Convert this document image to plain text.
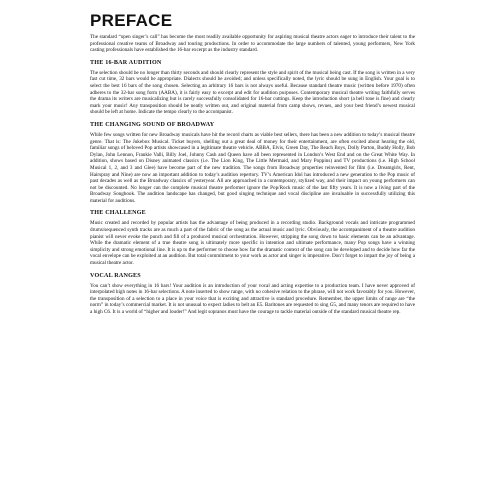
PREFACE

The standard “open singer’s call” has become the most readily available opportunity for aspiring musical theatre actors eager to introduce their talent to the professional creative teams of Broadway and touring productions. In order to accommodate the large numbers of talented, young performers, New York casting professionals have established the 16-bar excerpt as the industry standard.

THE 16-BAR AUDITION

The selection should be no longer than thirty seconds and should clearly represent the style and spirit of the musical being cast. If the song is written in a very fast cut time, 32 bars would be appropriate. Dialects should be avoided; and unless specifically noted, the lyric should be sung in English. Your goal is to select the best 16 bars of the song chosen. Selecting an arbitrary 16 bars is not always useful. Because standard theatre music (written before 1970) often adheres to the 32-bar song form (AABA), it is fairly easy to excerpt and edit for audition purposes. Contemporary musical theatre writing faithfully serves the drama its writers are musicalizing but is rarely successfully consolidated for 16-bar cuttings. Keep the introduction short (a bell tone is fine) and clearly mark your music! Any transposition should be neatly written out, and original material from camp shows, revues, and your best friend’s newest musical should be left at home. Indicate the tempo clearly to the accompanist.

THE CHANGING SOUND OF BROADWAY

While few songs written for new Broadway musicals have hit the record charts as viable best sellers, there has been a new addition to today’s musical theatre genre. That is: The Jukebox Musical. Ticket buyers, shelling out a great deal of money for their entertainment, are often excited about hearing the old, familiar songs of beloved Pop artists showcased in a legitimate theatre vehicle. ABBA, Elvis, Green Day, The Beach Boys, Dolly Parton, Buddy Holly, Bob Dylan, John Lennon, Frankie Valli, Billy Joel, Johnny Cash and Queen have all been represented in London’s West End and on the Great White Way. In addition, shows based on Disney animated classics (i.e. The Lion King, The Little Mermaid, and Mary Poppins) and TV productions (i.e. High School Musical 1, 2, and 3 and Glee) have become part of the new tradition. The songs from Broadway properties reinvented for film (i.e. Dreamgirls, Rent, Hairspray and Nine) are now an important addition to today’s audition repertory. TV’s American Idol has introduced a new generation to the Pop music of past decades as well as the Broadway classics of yesteryear. All are approached in a contemporary, stylized way, and their impact on young performers can not be discounted. No longer can the complete musical theatre performer ignore the Pop/Rock music of the last fifty years. It is now a living part of the Broadway Songbook. The audition landscape has changed, but good singing technique and vocal discipline are invaluable in successfully utilizing this material for auditions.

THE CHALLENGE

Music created and recorded by popular artists has the advantage of being produced in a recording studio. Background vocals and intricate programmed drums/sequenced synth tracks are as much a part of the fabric of the song as the actual music and lyric. Obviously, the accompaniment of a theatre audition pianist will never evoke the punch and fill of a produced musical orchestration. However, stripping the song down to basic elements can be an advantage. While the dramatic element of a true theatre song is ultimately more specific in intention and ultimate performance, many Pop songs have a winning simplicity and strong emotional line. It is up to the performer to choose how far the dramatic context of the song can be developed and to decide how far the vocal envelope can be exploited at an audition. But total commitment to your work as actor and singer is imperative. Don’t forget to impart the joy of being a musical theatre actor.

VOCAL RANGES

You can’t show everything in 16 bars! Your audition is an introduction of your vocal and acting expertise to a production team. I have never approved of interpolated high notes in 16-bar selections. A note inserted to show range, with no cohesive relation to the phrase, will not work favorably for you. However, the transposition of a selection to a place in your voice that is exciting and attractive is standard procedure. Remember, the upper limits of range are “the norm” in today’s commercial market. It is not unusual to expect ladies to belt an E5. Baritones are requested to sing G5, and many tenors are required to have a high C6. It is a world of “higher and louder!” And legit sopranos must have the courage to tackle material outside of the standard musical theatre rep.
